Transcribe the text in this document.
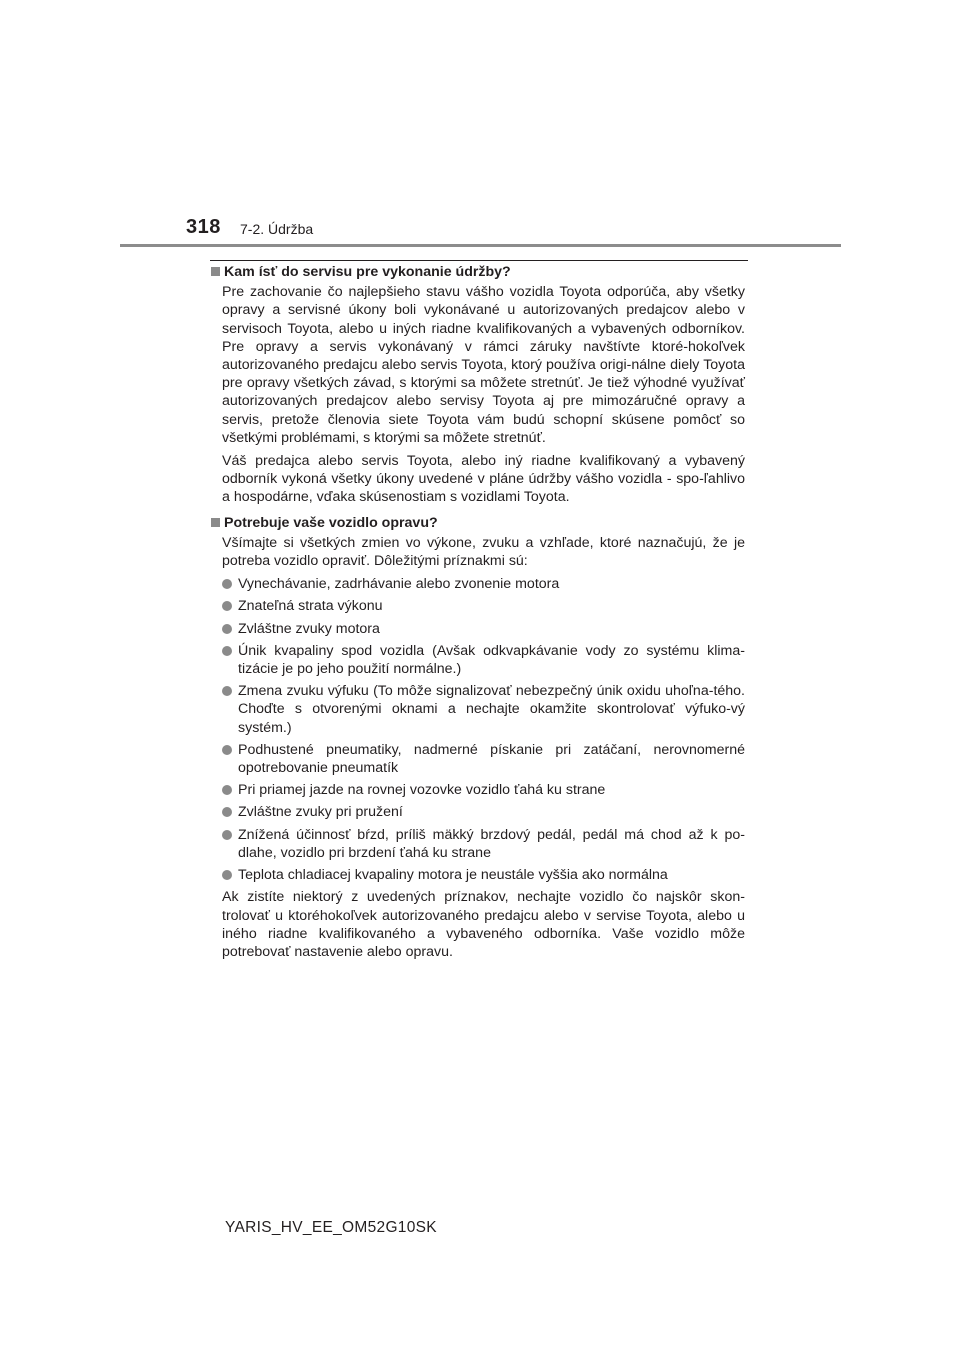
318 7-2. Údržba

Kam ísť do servisu pre vykonanie údržby?

Pre zachovanie čo najlepšieho stavu vášho vozidla Toyota odporúča, aby všetky opravy a servisné úkony boli vykonávané u autorizovaných predajcov alebo v servisoch Toyota, alebo u iných riadne kvalifikovaných a vybavených odborníkov. Pre opravy a servis vykonávaný v rámci záruky navštívte ktoré-hokoľvek autorizovaného predajcu alebo servis Toyota, ktorý používa origi-nálne diely Toyota pre opravy všetkých závad, s ktorými sa môžete stretnúť. Je tiež výhodné využívať autorizovaných predajcov alebo servisy Toyota aj pre mimozáručné opravy a servis, pretože členovia siete Toyota vám budú schopní skúsene pomôcť so všetkými problémami, s ktorými sa môžete stretnúť.

Váš predajca alebo servis Toyota, alebo iný riadne kvalifikovaný a vybavený odborník vykoná všetky úkony uvedené v pláne údržby vášho vozidla - spo-ľahlivo a hospodárne, vďaka skúsenostiam s vozidlami Toyota.

Potrebuje vaše vozidlo opravu?

Všímajte si všetkých zmien vo výkone, zvuku a vzhľade, ktoré naznačujú, že je potreba vozidlo opraviť. Dôležitými príznakmi sú:

Vynechávanie, zadrhávanie alebo zvonenie motora
Znateľná strata výkonu
Zvláštne zvuky motora
Únik kvapaliny spod vozidla (Avšak odkvapkávanie vody zo systému klima-tizácie je po jeho použití normálne.)
Zmena zvuku výfuku (To môže signalizovať nebezpečný únik oxidu uhoľna-tého. Choďte s otvorenými oknami a nechajte okamžite skontrolovať výfuko-vý systém.)
Podhustené pneumatiky, nadmerné pískanie pri zatáčaní, nerovnomerné opotrebovanie pneumatík
Pri priamej jazde na rovnej vozovke vozidlo ťahá ku strane
Zvláštne zvuky pri pružení
Znížená účinnosť bŕzd, príliš mäkký brzdový pedál, pedál má chod až k po-dlahe, vozidlo pri brzdení ťahá ku strane
Teplota chladiacej kvapaliny motora je neustále vyššia ako normálna

Ak zistíte niektorý z uvedených príznakov, nechajte vozidlo čo najskôr skon-trolovať u ktoréhokoľvek autorizovaného predajcu alebo v servise Toyota, alebo u iného riadne kvalifikovaného a vybaveného odborníka. Vaše vozidlo môže potrebovať nastavenie alebo opravu.

YARIS_HV_EE_OM52G10SK
